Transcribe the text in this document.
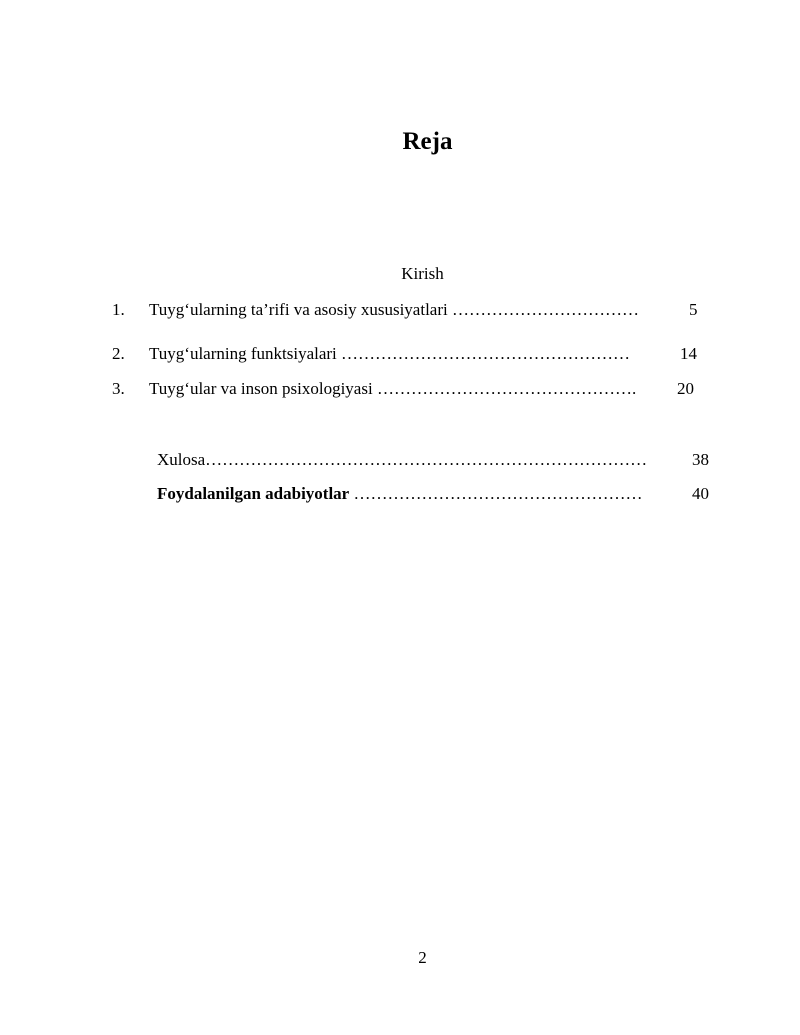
Reja
Kirish
1. Tuyg‘ularning ta’rifi va asosiy xususiyatlari ……………………………	5
2. Tuyg‘ularning funktsiyalari ……………………………………………	14
3. Tuyg‘ular va inson psixologiyasi ………………………………………. 20
Xulosa……………………………………………………………………	38
Foydalanilgan adabiyotlar ……………………………………………	40
2
